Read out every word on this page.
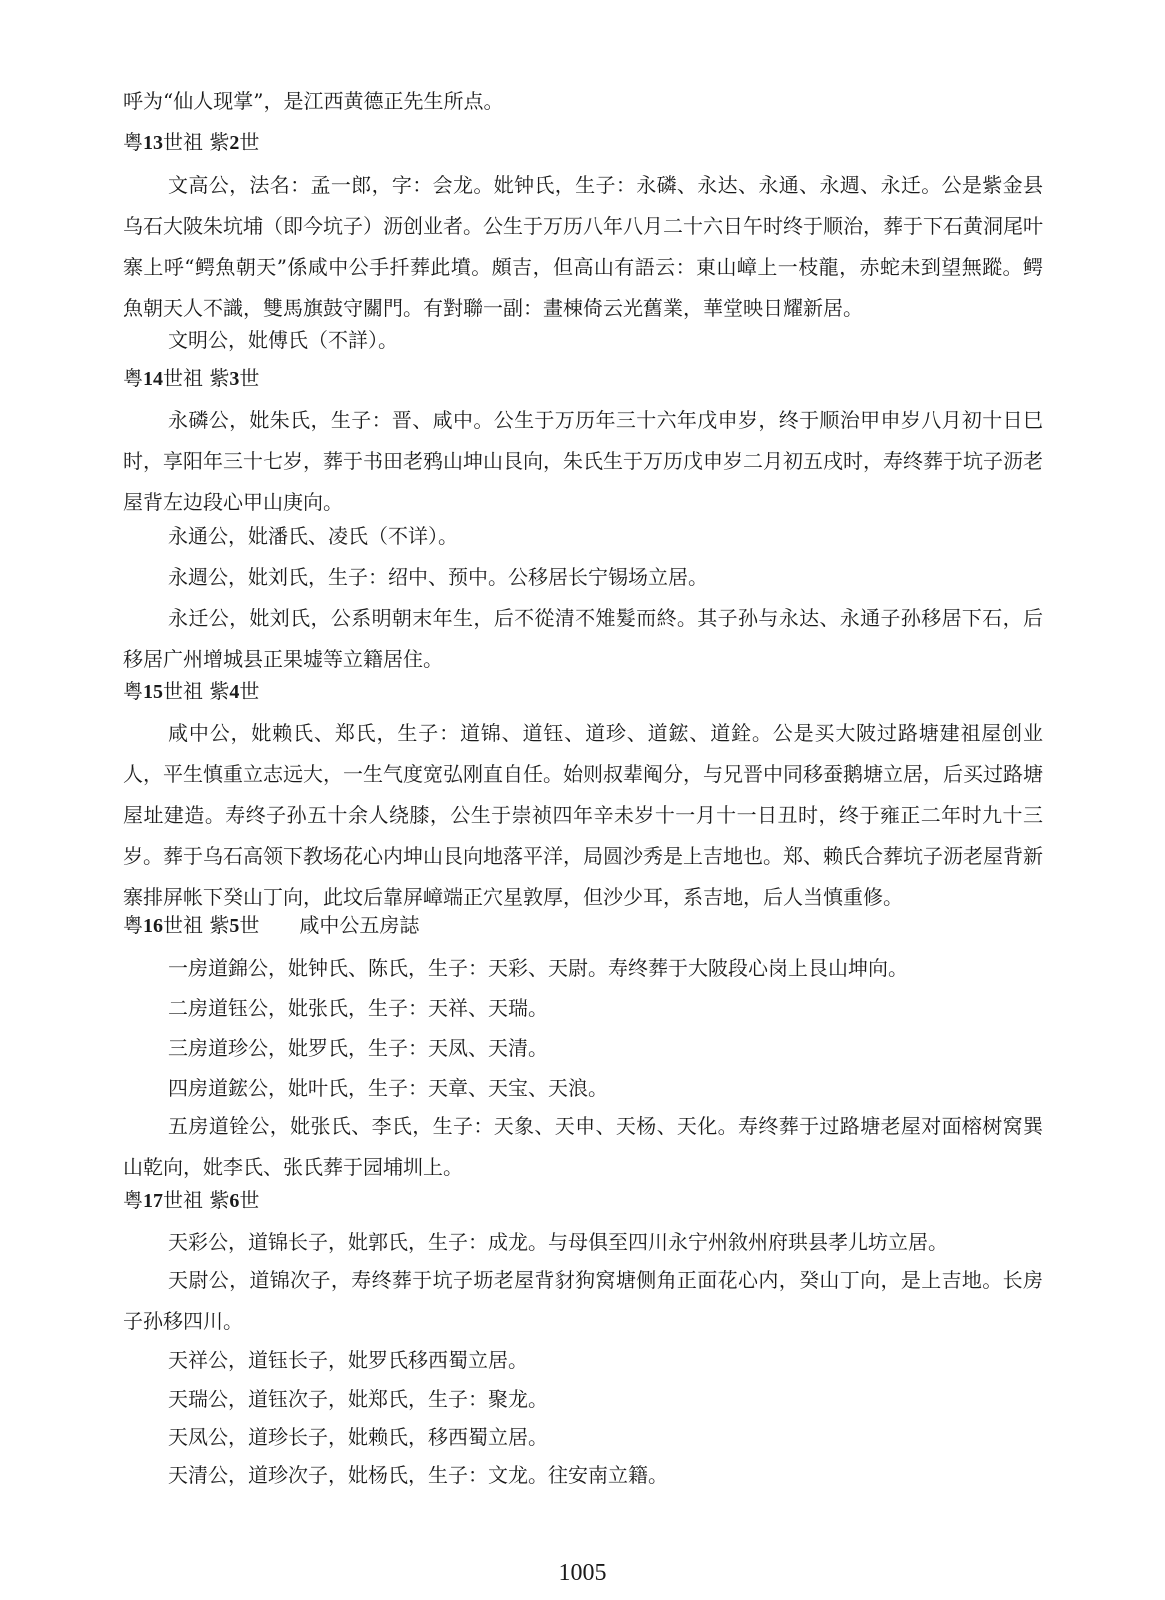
呼为“仙人现掌”，是江西黄德正先生所点。
粤13世祖 紫2世
文高公，法名：孟一郎，字：会龙。妣钟氏，生子：永磷、永达、永通、永週、永迁。公是紫金县乌石大陂朱坑埔（即今坑子）沥创业者。公生于万历八年八月二十六日午时终于顺治，葬于下石黄洞尾叶寨上呼“鳄魚朝天”係咸中公手扦葬此墳。頗吉，但高山有語云：東山嶂上一枝龍，赤蛇未到望無蹤。鳄魚朝天人不識，雙馬旗鼓守關門。有對聯一副：畫棟倚云光舊業，華堂映日耀新居。
文明公，妣傅氏（不詳）。
粤14世祖 紫3世
永磷公，妣朱氏，生子：晋、咸中。公生于万历年三十六年戊申岁，终于顺治甲申岁八月初十日巳时，享阳年三十七岁，葬于书田老鸦山坤山艮向，朱氏生于万历戊申岁二月初五戌时，寿终葬于坑子沥老屋背左边段心甲山庚向。
永通公，妣潘氏、凌氏（不详）。
永週公，妣刘氏，生子：绍中、预中。公移居长宁锡场立居。
永迁公，妣刘氏，公系明朝末年生，后不從清不雉髮而終。其子孙与永达、永通子孙移居下石，后移居广州增城县正果墟等立籍居住。
粤15世祖 紫4世
咸中公，妣赖氏、郑氏，生子：道锦、道钰、道珍、道鋐、道銓。公是买大陂过路塘建祖屋创业人，平生慎重立志远大，一生气度宽弘刚直自任。始则叔辈阄分，与兄晋中同移蚕鹅塘立居，后买过路塘屋址建造。寿终子孙五十余人绕膝，公生于崇祯四年辛未岁十一月十一日丑时，终于雍正二年时九十三岁。葬于乌石高领下教场花心内坤山艮向地落平洋，局圆沙秀是上吉地也。郑、赖氏合葬坑子沥老屋背新寨排屏帐下癸山丁向，此坟后靠屏嶂端正穴星敦厚，但沙少耳，系吉地，后人当慎重修。
粤16世祖 紫5世 咸中公五房誌
一房道錦公，妣钟氏、陈氏，生子：天彩、天尉。寿终葬于大陂段心岗上艮山坤向。
二房道钰公，妣张氏，生子：天祥、天瑞。
三房道珍公，妣罗氏，生子：天凤、天清。
四房道鋐公，妣叶氏，生子：天章、天宝、天浪。
五房道铨公，妣张氏、李氏，生子：天象、天申、天杨、天化。寿终葬于过路塘老屋对面榕树窝巽山乾向，妣李氏、张氏葬于园埔圳上。
粤17世祖 紫6世
天彩公，道锦长子，妣郭氏，生子：成龙。与母俱至四川永宁州敘州府珙县孝儿坊立居。
天尉公，道锦次子，寿终葬于坑子坜老屋背豺狗窝塘侧角正面花心内，癸山丁向，是上吉地。长房子孙移四川。
天祥公，道钰长子，妣罗氏移西蜀立居。
天瑞公，道钰次子，妣郑氏，生子：聚龙。
天凤公，道珍长子，妣赖氏，移西蜀立居。
天清公，道珍次子，妣杨氏，生子：文龙。往安南立籍。
1005
